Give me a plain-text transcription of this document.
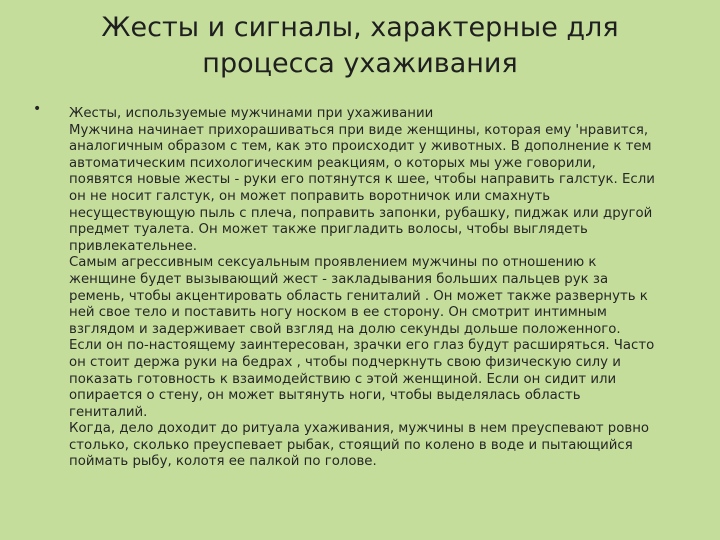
Жесты и сигналы, характерные для процесса ухаживания
• Жесты, используемые мужчинами при ухаживании

Мужчина начинает прихорашиваться при виде женщины, которая ему 'нравится, аналогичным образом с тем, как это происходит у животных. В дополнение к тем автоматическим психологическим реакциям, о которых мы уже говорили, появятся новые жесты - руки его потянутся к шее, чтобы направить галстук. Если он не носит галстук, он может поправить воротничок или смахнуть несуществующую пыль с плеча, поправить запонки, рубашку, пиджак или другой предмет туалета. Он может также пригладить волосы, чтобы выглядеть привлекательнее.

Самым агрессивным сексуальным проявлением мужчины по отношению к женщине будет вызывающий жест - закладывания больших пальцев рук за ремень, чтобы акцентировать область гениталий . Он может также развернуть к ней свое тело и поставить ногу носком в ее сторону. Он смотрит интимным взглядом и задерживает свой взгляд на долю секунды дольше положенного. Если он по-настоящему заинтересован, зрачки его глаз будут расширяться. Часто он стоит держа руки на бедрах , чтобы подчеркнуть свою физическую силу и показать готовность к взаимодействию с этой женщиной. Если он сидит или опирается о стену, он может вытянуть ноги, чтобы выделялась область гениталий.

Когда, дело доходит до ритуала ухаживания, мужчины в нем преуспевают ровно столько, сколько преуспевает рыбак, стоящий по колено в воде и пытающийся поймать рыбу, колотя ее палкой по голове.
